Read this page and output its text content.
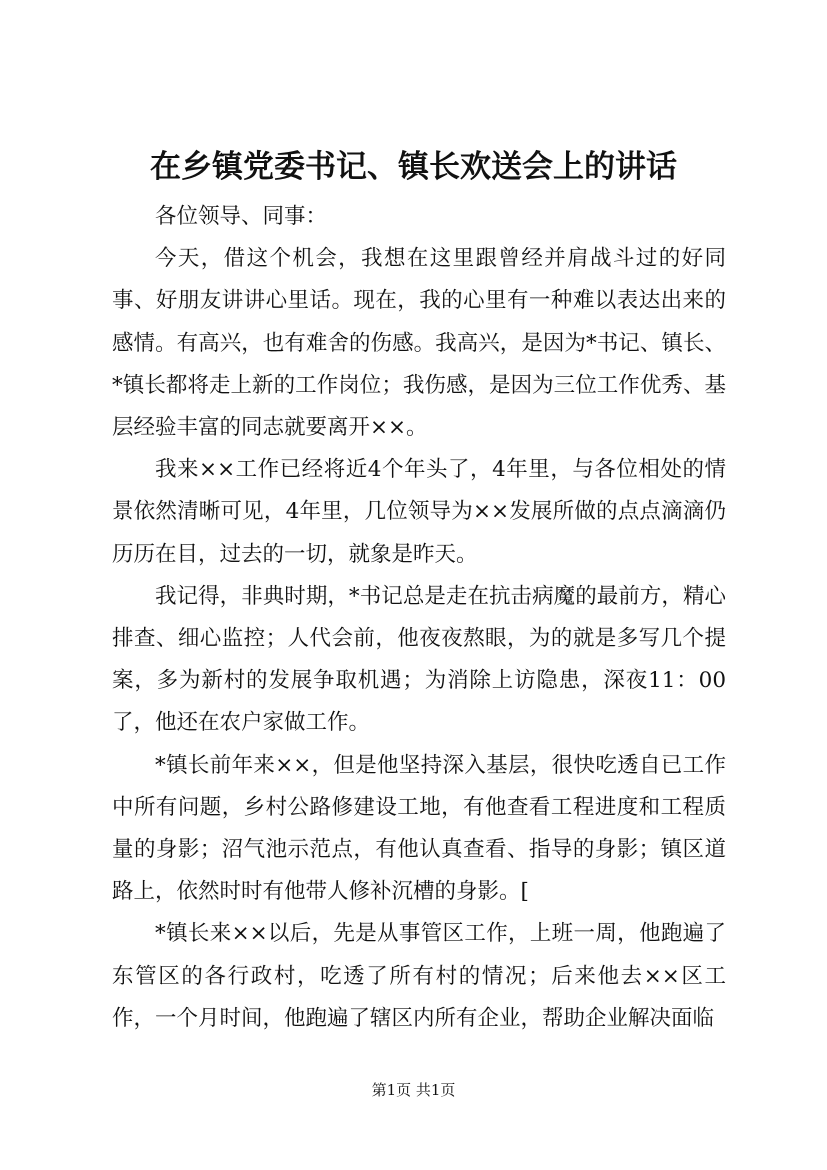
在乡镇党委书记、镇长欢送会上的讲话

各位领导、同事：

今天，借这个机会，我想在这里跟曾经并肩战斗过的好同事、好朋友讲讲心里话。现在，我的心里有一种难以表达出来的感情。有高兴，也有难舍的伤感。我高兴，是因为*书记、镇长、*镇长都将走上新的工作岗位；我伤感，是因为三位工作优秀、基层经验丰富的同志就要离开××。

我来××工作已经将近4个年头了，4年里，与各位相处的情景依然清晰可见，4年里，几位领导为××发展所做的点点滴滴仍历历在目，过去的一切，就象是昨天。

我记得，非典时期，*书记总是走在抗击病魔的最前方，精心排查、细心监控；人代会前，他夜夜熬眼，为的就是多写几个提案，多为新村的发展争取机遇；为消除上访隐患，深夜11：00了，他还在农户家做工作。

*镇长前年来××，但是他坚持深入基层，很快吃透自已工作中所有问题，乡村公路修建设工地，有他查看工程进度和工程质量的身影；沼气池示范点，有他认真查看、指导的身影；镇区道路上，依然时时有他带人修补沉槽的身影。[

*镇长来××以后，先是从事管区工作，上班一周，他跑遍了东管区的各行政村，吃透了所有村的情况；后来他去××区工作，一个月时间，他跑遍了辖区内所有企业，帮助企业解决面临

第1页 共1页
